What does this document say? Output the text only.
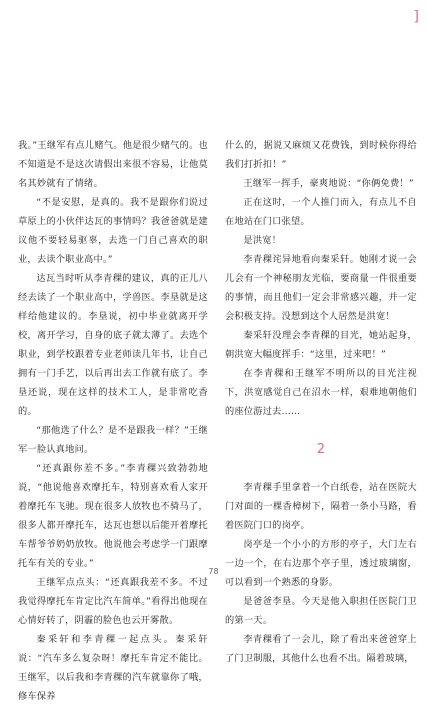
]

我。”王继军有点儿赌气。他是很少赌气的。也不知道是不是这次请假出来很不容易，让他莫名其妙就有了情绪。

“不是安慰，是真的。我不是跟你们说过草原上的小伙伴达瓦的事情吗？我爸爸就是建议他不要轻易驱辜，去选一门自己喜欢的职业，去读个职业高中。”

达瓦当时听从李青稞的建议，真的正儿八经去读了一个职业高中，学兽医。李垦就是这样给他建议的。李垦说，初中毕业就离开学校，离开学习，自身的底子就太薄了。去选个职业，到学校跟着专业老师读几年书，让自己拥有一门手艺，以后再出去工作就有底了。李垦还说，现在这样的技术工人，是非常吃香的。

“那他选了什么？是不是跟我一样？”王继军一脸认真地问。

“还真跟你差不多。”李青稞兴致勃勃地说，“他说他喜欢摩托车，特别喜欢看人家开着摩托车飞驰。现在很多人放牧也不骑马了，很多人都开摩托车，达瓦也想以后能开着摩托车帮爷爷奶奶放牧。他说他会考虑学一门跟摩托车有关的专业。”

王继军点点头：“还真跟我差不多。不过我觉得摩托车肯定比汽车简单。”看得出他现在心情好转了，阴霾的脸色也云开雾散。

秦采轩和李青稞一起点头。秦采轩说：“汽车多么复杂呀！摩托车肯定不能比。王继军，以后我和李青稞的汽车就靠你了哦，修车保养

什么的，据说又麻烦又花费钱，到时候你得给我们打折扣！”

王继军一挥手，豪爽地说：“你俩免费！”

正在这时，一个人推门而入，有点儿不自在地站在门口张望。

是洪宽！

李青稞诧异地看向秦采轩。她刚才说一会儿会有一个神秘朋友光临，要商量一件很重要的事情，而且他们一定会非常感兴趣，并一定会积极支持。没想到这个人居然是洪宽！

秦采轩没理会李青稞的目光，她站起身，朝洪宽大幅度挥手：“这里，过来吧！”

在李青稞和王继军不明所以的目光注视下，洪宽感觉自己在沼水一样，艰难地朝他们的座位游过去……

2

李青稞手里拿着一个白纸卷，站在医院大门对面的一棵香樟树下，隔着一条小马路，看着医院门口的岗亭。

岗亭是一个小小的方形的亭子，大门左右一边一个，在右边那个亭子里，透过玻璃窗，可以看到一个熟悉的身影。

是爸爸李垦。今天是他入职担任医院门卫的第一天。

李青稞看了一会儿，除了看出来爸爸穿上了门卫制服，其他什么也看不出。隔着玻璃，

78
